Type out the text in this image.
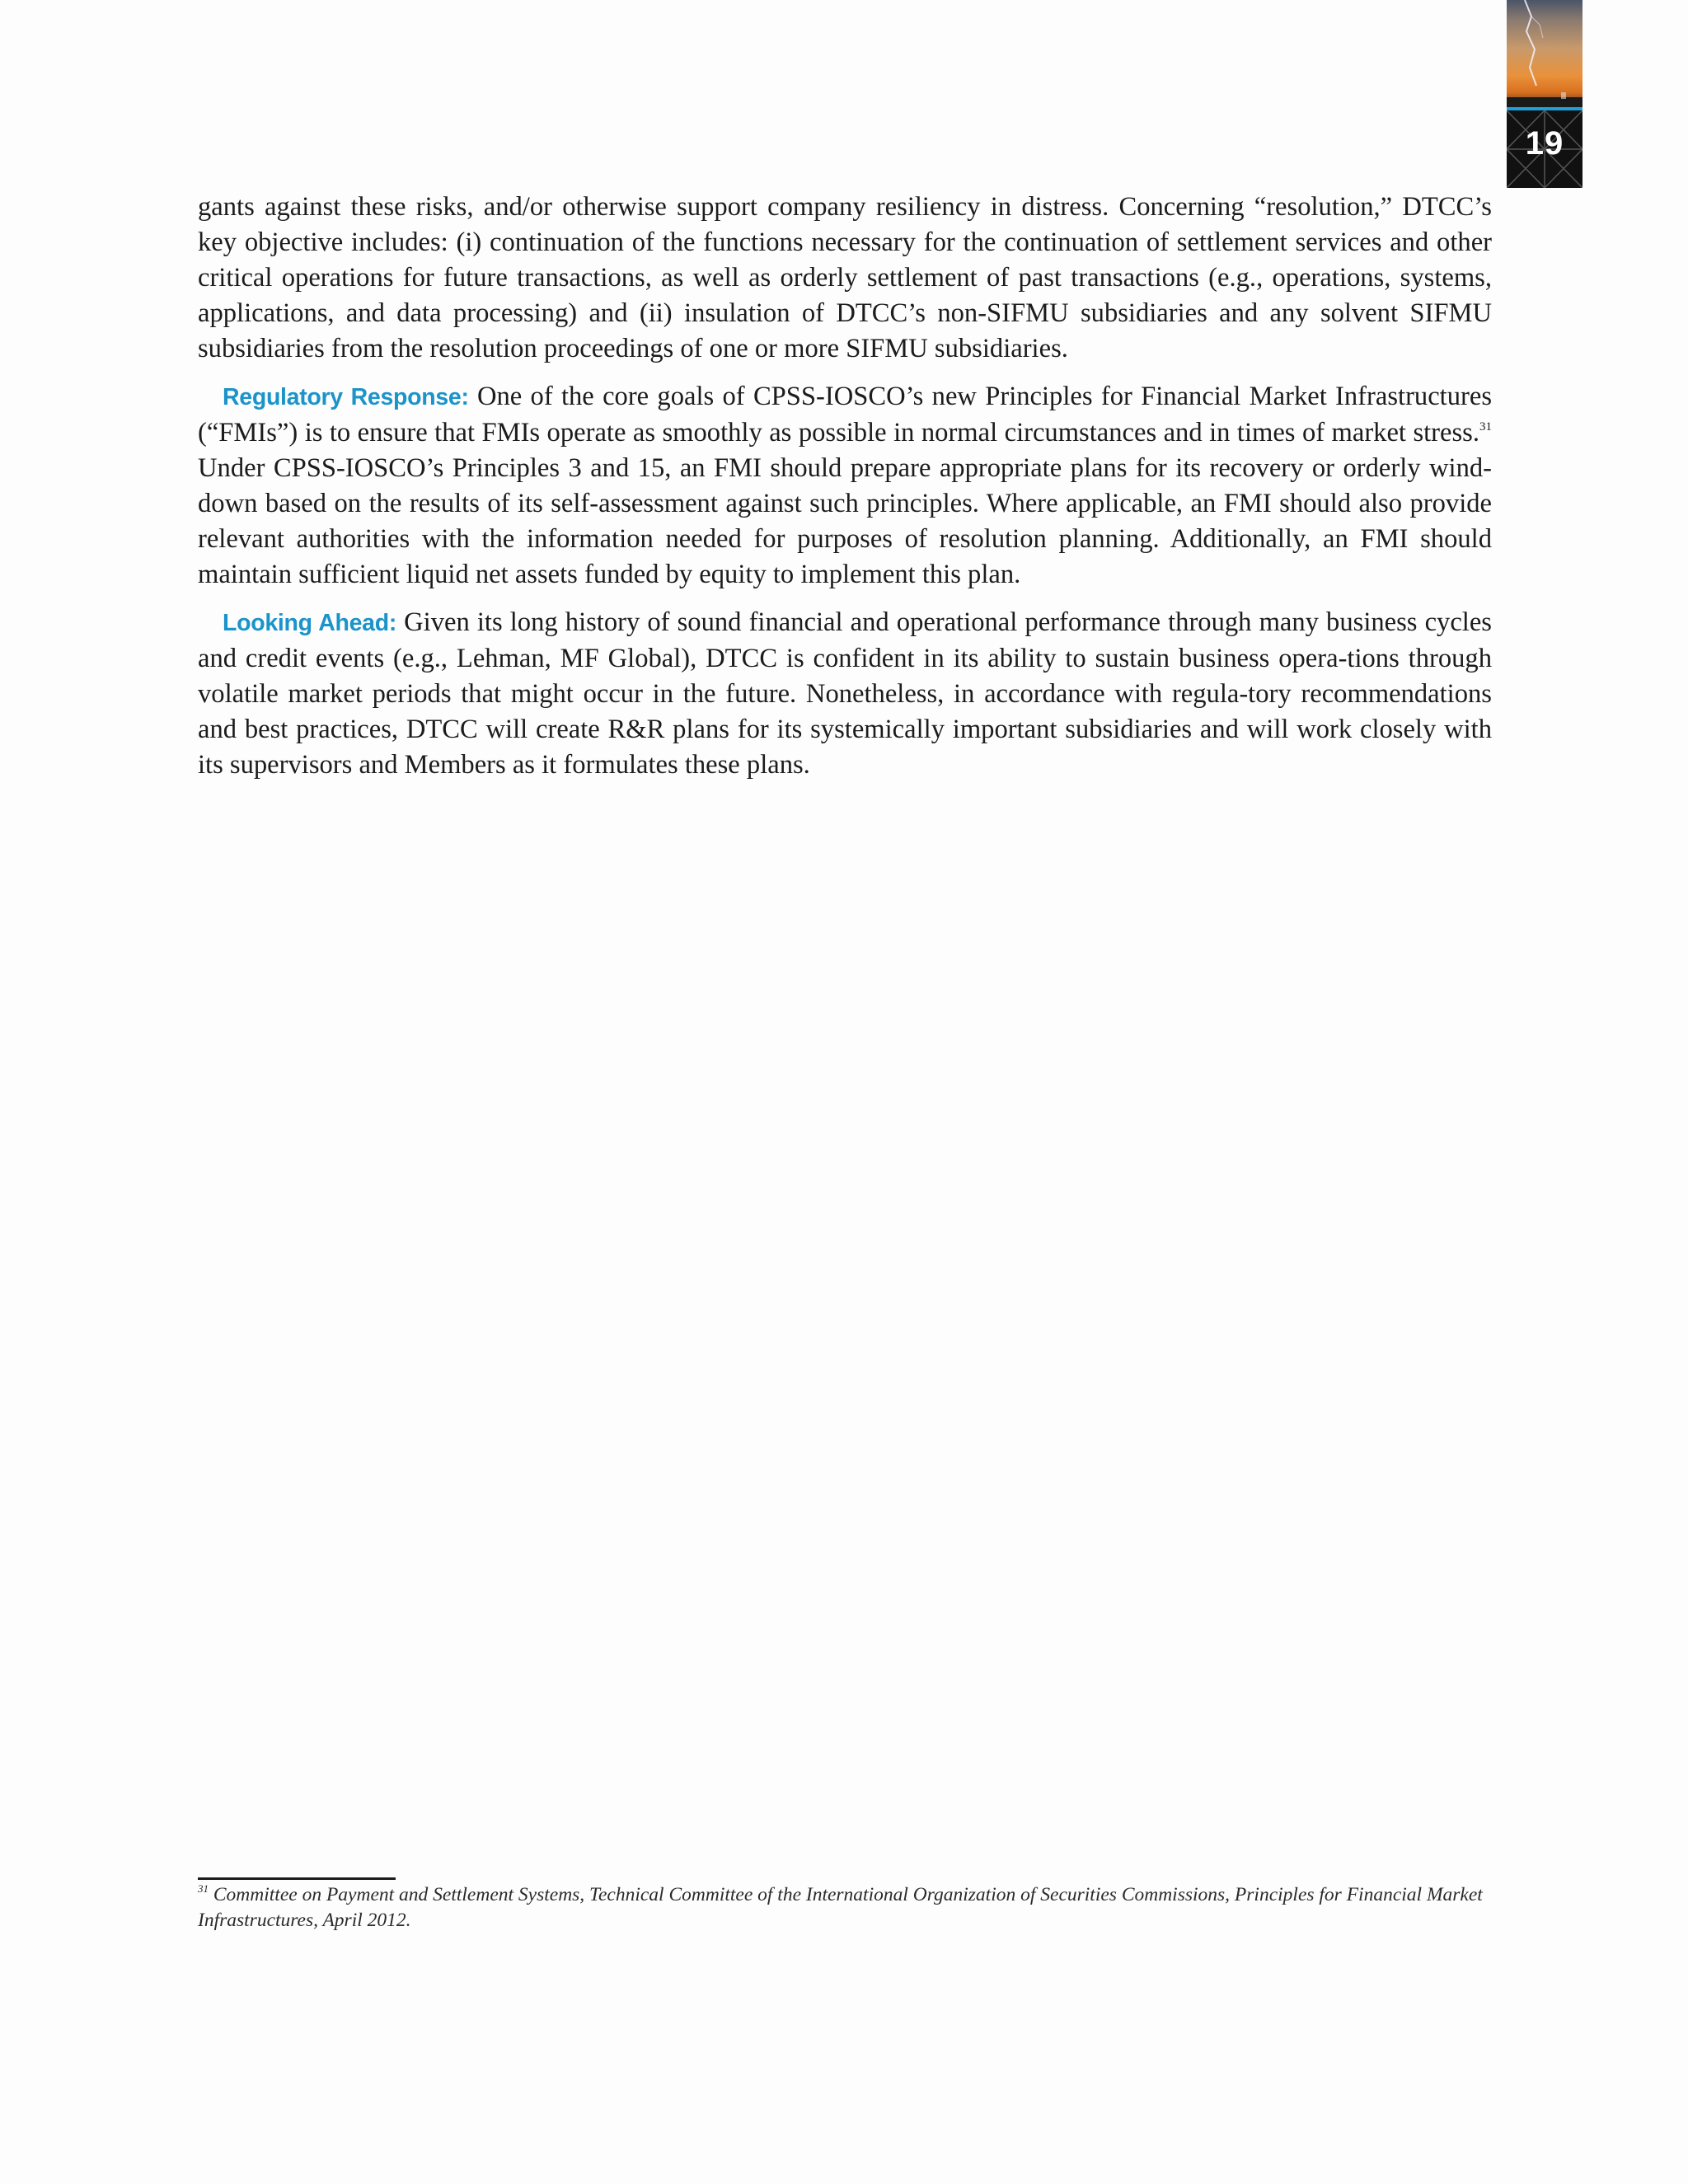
19

gants against these risks, and/or otherwise support company resiliency in distress. Concerning “resolution,” DTCC’s key objective includes: (i) continuation of the functions necessary for the continuation of settlement services and other critical operations for future transactions, as well as orderly settlement of past transactions (e.g., operations, systems, applications, and data processing) and (ii) insulation of DTCC’s non-SIFMU subsidiaries and any solvent SIFMU subsidiaries from the resolution proceedings of one or more SIFMU subsidiaries.

Regulatory Response: One of the core goals of CPSS-IOSCO’s new Principles for Financial Market Infrastructures (“FMIs”) is to ensure that FMIs operate as smoothly as possible in normal circumstances and in times of market stress.$^{31}$ Under CPSS-IOSCO’s Principles 3 and 15, an FMI should prepare appropriate plans for its recovery or orderly wind-down based on the results of its self-assessment against such principles. Where applicable, an FMI should also provide relevant authorities with the information needed for purposes of resolution planning. Additionally, an FMI should maintain sufficient liquid net assets funded by equity to implement this plan.

Looking Ahead: Given its long history of sound financial and operational performance through many business cycles and credit events (e.g., Lehman, MF Global), DTCC is confident in its ability to sustain business opera-tions through volatile market periods that might occur in the future. Nonetheless, in accordance with regula-tory recommendations and best practices, DTCC will create R&R plans for its systemically important subsidiaries and will work closely with its supervisors and Members as it formulates these plans.

$^{31}$ Committee on Payment and Settlement Systems, Technical Committee of the International Organization of Securities Commissions, Principles for Financial Market Infrastructures, April 2012.
